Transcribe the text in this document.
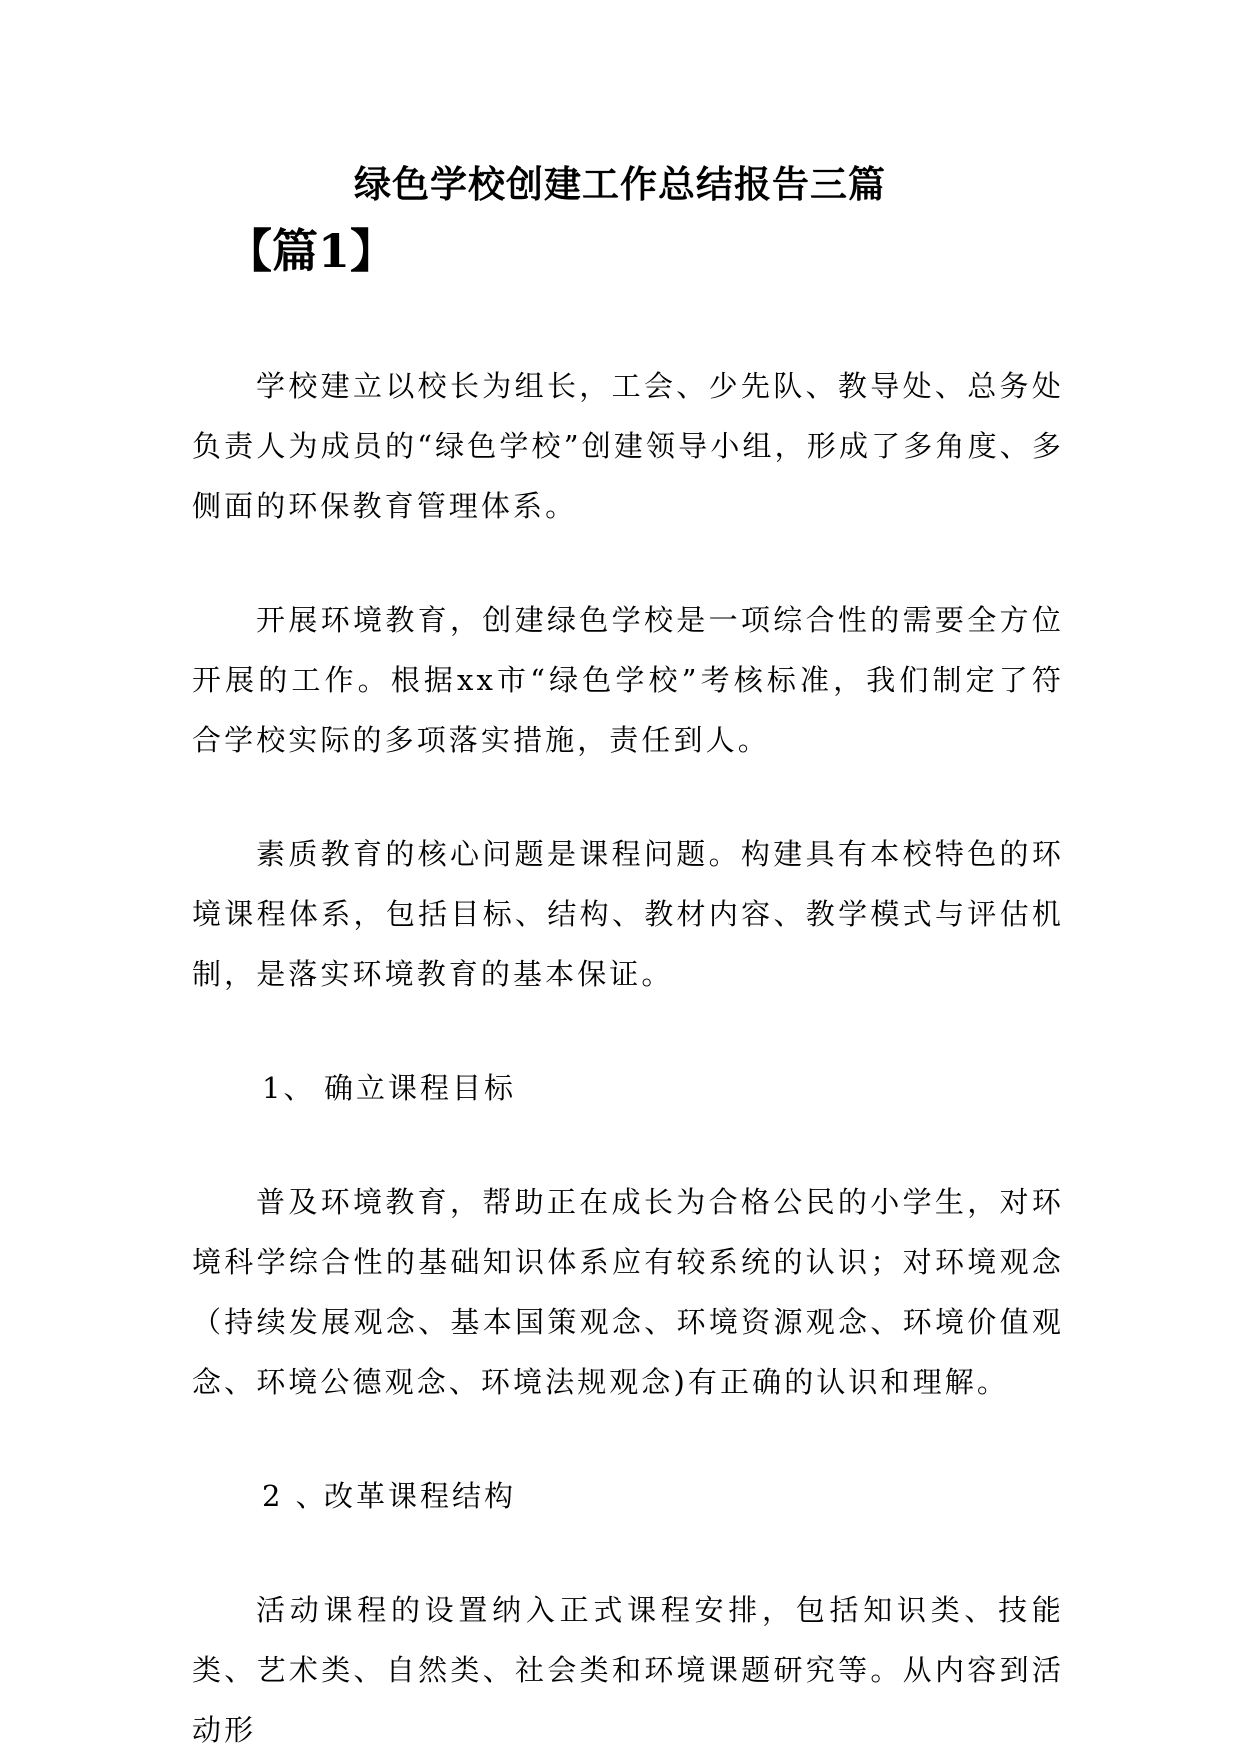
绿色学校创建工作总结报告三篇
【篇1】

学校建立以校长为组长，工会、少先队、教导处、总务处负责人为成员的“绿色学校”创建领导小组，形成了多角度、多侧面的环保教育管理体系。

开展环境教育，创建绿色学校是一项综合性的需要全方位开展的工作。根据xx市“绿色学校”考核标准，我们制定了符合学校实际的多项落实措施，责任到人。

素质教育的核心问题是课程问题。构建具有本校特色的环境课程体系，包括目标、结构、教材内容、教学模式与评估机制，是落实环境教育的基本保证。

1、 确立课程目标

普及环境教育，帮助正在成长为合格公民的小学生，对环境科学综合性的基础知识体系应有较系统的认识；对环境观念（持续发展观念、基本国策观念、环境资源观念、环境价值观念、环境公德观念、环境法规观念)有正确的认识和理解。

2 、改革课程结构

活动课程的设置纳入正式课程安排，包括知识类、技能类、艺术类、自然类、社会类和环境课题研究等。从内容到活动形
